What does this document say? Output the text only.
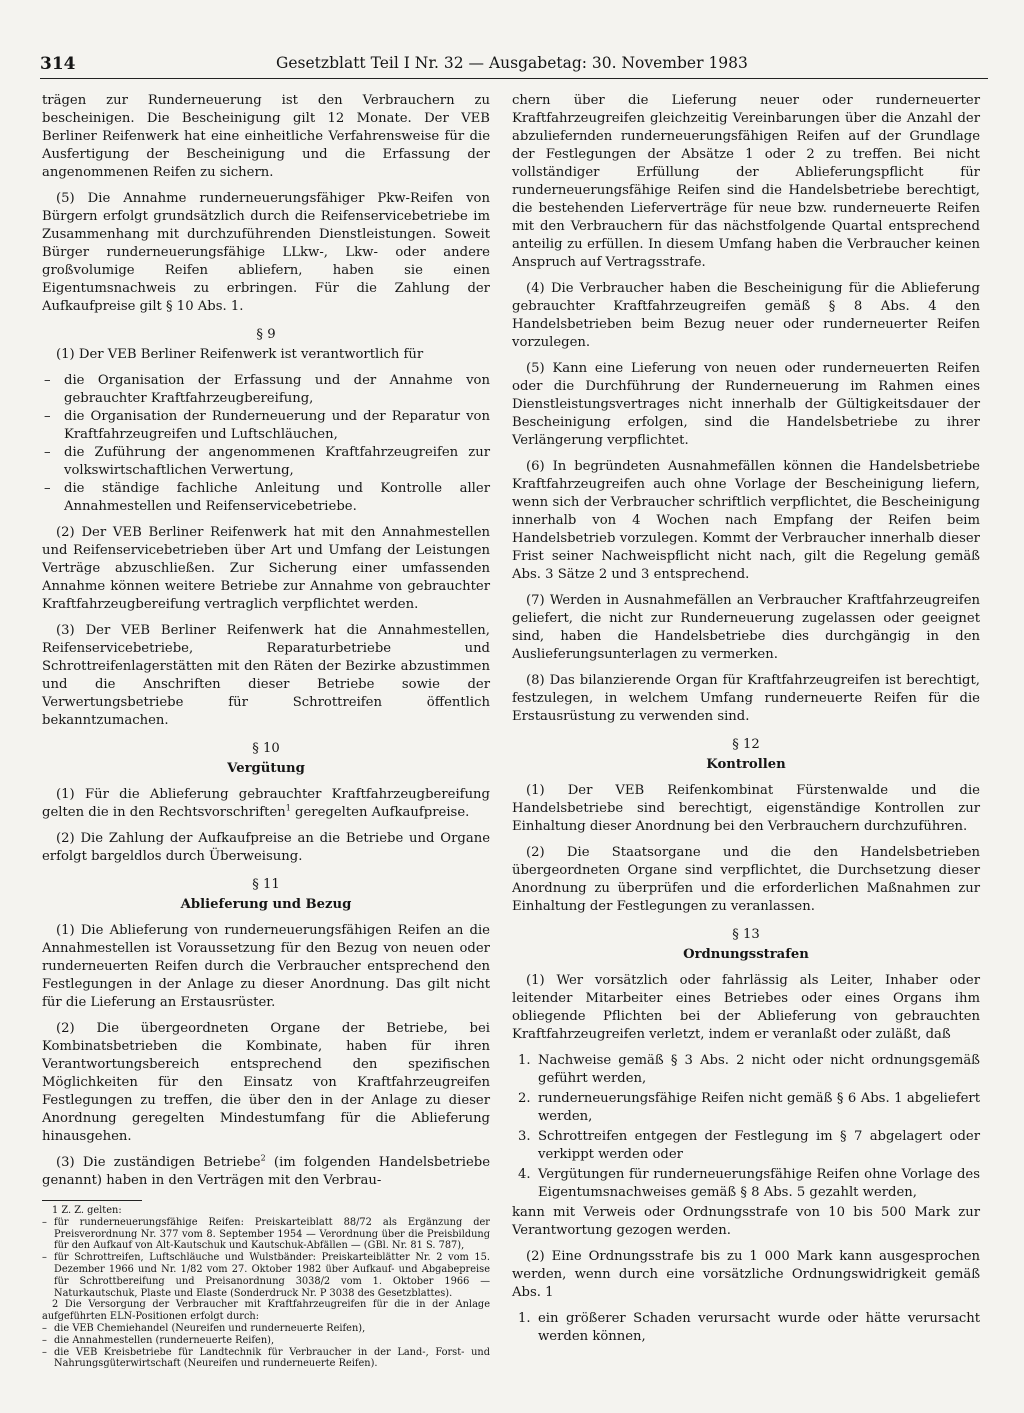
314	Gesetzblatt Teil I Nr. 32 — Ausgabetag: 30. November 1983

trägen zur Runderneuerung ist den Verbrauchern zu bescheinigen. Die Bescheinigung gilt 12 Monate. Der VEB Berliner Reifenwerk hat eine einheitliche Verfahrensweise für die Ausfertigung der Bescheinigung und die Erfassung der angenommenen Reifen zu sichern.

(5) Die Annahme runderneuerungsfähiger Pkw-Reifen von Bürgern erfolgt grundsätzlich durch die Reifenservicebetriebe im Zusammenhang mit durchzuführenden Dienstleistungen. Soweit Bürger runderneuerungsfähige LLkw-, Lkw- oder andere großvolumige Reifen abliefern, haben sie einen Eigentumsnachweis zu erbringen. Für die Zahlung der Aufkaufpreise gilt § 10 Abs. 1.

§ 9

(1) Der VEB Berliner Reifenwerk ist verantwortlich für

– die Organisation der Erfassung und der Annahme von gebrauchter Kraftfahrzeugbereifung,
– die Organisation der Runderneuerung und der Reparatur von Kraftfahrzeugreifen und Luftschläuchen,
– die Zuführung der angenommenen Kraftfahrzeugreifen zur volkswirtschaftlichen Verwertung,
– die ständige fachliche Anleitung und Kontrolle aller Annahmestellen und Reifenservicebetriebe.

(2) Der VEB Berliner Reifenwerk hat mit den Annahmestellen und Reifenservicebetrieben über Art und Umfang der Leistungen Verträge abzuschließen. Zur Sicherung einer umfassenden Annahme können weitere Betriebe zur Annahme von gebrauchter Kraftfahrzeugbereifung vertraglich verpflichtet werden.

(3) Der VEB Berliner Reifenwerk hat die Annahmestellen, Reifenservicebetriebe, Reparaturbetriebe und Schrottreifenlagerstätten mit den Räten der Bezirke abzustimmen und die Anschriften dieser Betriebe sowie der Verwertungsbetriebe für Schrottreifen öffentlich bekanntzumachen.

§ 10
Vergütung

(1) Für die Ablieferung gebrauchter Kraftfahrzeugbereifung gelten die in den Rechtsvorschriften$^1$ geregelten Aufkaufpreise.

(2) Die Zahlung der Aufkaufpreise an die Betriebe und Organe erfolgt bargeldlos durch Überweisung.

§ 11
Ablieferung und Bezug

(1) Die Ablieferung von runderneuerungsfähigen Reifen an die Annahmestellen ist Voraussetzung für den Bezug von neuen oder runderneuerten Reifen durch die Verbraucher entsprechend den Festlegungen in der Anlage zu dieser Anordnung. Das gilt nicht für die Lieferung an Erstausrüster.

(2) Die übergeordneten Organe der Betriebe, bei Kombinatsbetrieben die Kombinate, haben für ihren Verantwortungsbereich entsprechend den spezifischen Möglichkeiten für den Einsatz von Kraftfahrzeugreifen Festlegungen zu treffen, die über den in der Anlage zu dieser Anordnung geregelten Mindestumfang für die Ablieferung hinausgehen.

(3) Die zuständigen Betriebe$^2$ (im folgenden Handelsbetriebe genannt) haben in den Verträgen mit den Verbrau-

1 Z. Z. gelten:

– für runderneuerungsfähige Reifen: Preiskarteiblatt 88/72 als Ergänzung der Preisverordnung Nr. 377 vom 8. September 1954 — Verordnung über die Preisbildung für den Aufkauf von Alt-Kautschuk und Kautschuk-Abfällen — (GBl. Nr. 81 S. 787),
– für Schrottreifen, Luftschläuche und Wulstbänder: Preiskarteiblätter Nr. 2 vom 15. Dezember 1966 und Nr. 1/82 vom 27. Oktober 1982 über Aufkauf- und Abgabepreise für Schrottbereifung und Preisanordnung 3038/2 vom 1. Oktober 1966 — Naturkautschuk, Plaste und Elaste (Sonderdruck Nr. P 3038 des Gesetzblattes).

2 Die Versorgung der Verbraucher mit Kraftfahrzeugreifen für die in der Anlage aufgeführten ELN-Positionen erfolgt durch:

– die VEB Chemiehandel (Neureifen und runderneuerte Reifen),
– die Annahmestellen (runderneuerte Reifen),
– die VEB Kreisbetriebe für Landtechnik für Verbraucher in der Land-, Forst- und Nahrungsgüterwirtschaft (Neureifen und runderneuerte Reifen).

chern über die Lieferung neuer oder runderneuerter Kraftfahrzeugreifen gleichzeitig Vereinbarungen über die Anzahl der abzuliefernden runderneuerungsfähigen Reifen auf der Grundlage der Festlegungen der Absätze 1 oder 2 zu treffen. Bei nicht vollständiger Erfüllung der Ablieferungspflicht für runderneuerungsfähige Reifen sind die Handelsbetriebe berechtigt, die bestehenden Lieferverträge für neue bzw. runderneuerte Reifen mit den Verbrauchern für das nächstfolgende Quartal entsprechend anteilig zu erfüllen. In diesem Umfang haben die Verbraucher keinen Anspruch auf Vertragsstrafe.

(4) Die Verbraucher haben die Bescheinigung für die Ablieferung gebrauchter Kraftfahrzeugreifen gemäß § 8 Abs. 4 den Handelsbetrieben beim Bezug neuer oder runderneuerter Reifen vorzulegen.

(5) Kann eine Lieferung von neuen oder runderneuerten Reifen oder die Durchführung der Runderneuerung im Rahmen eines Dienstleistungsvertrages nicht innerhalb der Gültigkeitsdauer der Bescheinigung erfolgen, sind die Handelsbetriebe zu ihrer Verlängerung verpflichtet.

(6) In begründeten Ausnahmefällen können die Handelsbetriebe Kraftfahrzeugreifen auch ohne Vorlage der Bescheinigung liefern, wenn sich der Verbraucher schriftlich verpflichtet, die Bescheinigung innerhalb von 4 Wochen nach Empfang der Reifen beim Handelsbetrieb vorzulegen. Kommt der Verbraucher innerhalb dieser Frist seiner Nachweispflicht nicht nach, gilt die Regelung gemäß Abs. 3 Sätze 2 und 3 entsprechend.

(7) Werden in Ausnahmefällen an Verbraucher Kraftfahrzeugreifen geliefert, die nicht zur Runderneuerung zugelassen oder geeignet sind, haben die Handelsbetriebe dies durchgängig in den Auslieferungsunterlagen zu vermerken.

(8) Das bilanzierende Organ für Kraftfahrzeugreifen ist berechtigt, festzulegen, in welchem Umfang runderneuerte Reifen für die Erstausrüstung zu verwenden sind.

§ 12
Kontrollen

(1) Der VEB Reifenkombinat Fürstenwalde und die Handelsbetriebe sind berechtigt, eigenständige Kontrollen zur Einhaltung dieser Anordnung bei den Verbrauchern durchzuführen.

(2) Die Staatsorgane und die den Handelsbetrieben übergeordneten Organe sind verpflichtet, die Durchsetzung dieser Anordnung zu überprüfen und die erforderlichen Maßnahmen zur Einhaltung der Festlegungen zu veranlassen.

§ 13
Ordnungsstrafen

(1) Wer vorsätzlich oder fahrlässig als Leiter, Inhaber oder leitender Mitarbeiter eines Betriebes oder eines Organs ihm obliegende Pflichten bei der Ablieferung von gebrauchten Kraftfahrzeugreifen verletzt, indem er veranlaßt oder zuläßt, daß

1. Nachweise gemäß § 3 Abs. 2 nicht oder nicht ordnungsgemäß geführt werden,
2. runderneuerungsfähige Reifen nicht gemäß § 6 Abs. 1 abgeliefert werden,
3. Schrottreifen entgegen der Festlegung im § 7 abgelagert oder verkippt werden oder
4. Vergütungen für runderneuerungsfähige Reifen ohne Vorlage des Eigentumsnachweises gemäß § 8 Abs. 5 gezahlt werden,

kann mit Verweis oder Ordnungsstrafe von 10 bis 500 Mark zur Verantwortung gezogen werden.

(2) Eine Ordnungsstrafe bis zu 1 000 Mark kann ausgesprochen werden, wenn durch eine vorsätzliche Ordnungswidrigkeit gemäß Abs. 1

1. ein größerer Schaden verursacht wurde oder hätte verursacht werden können,
